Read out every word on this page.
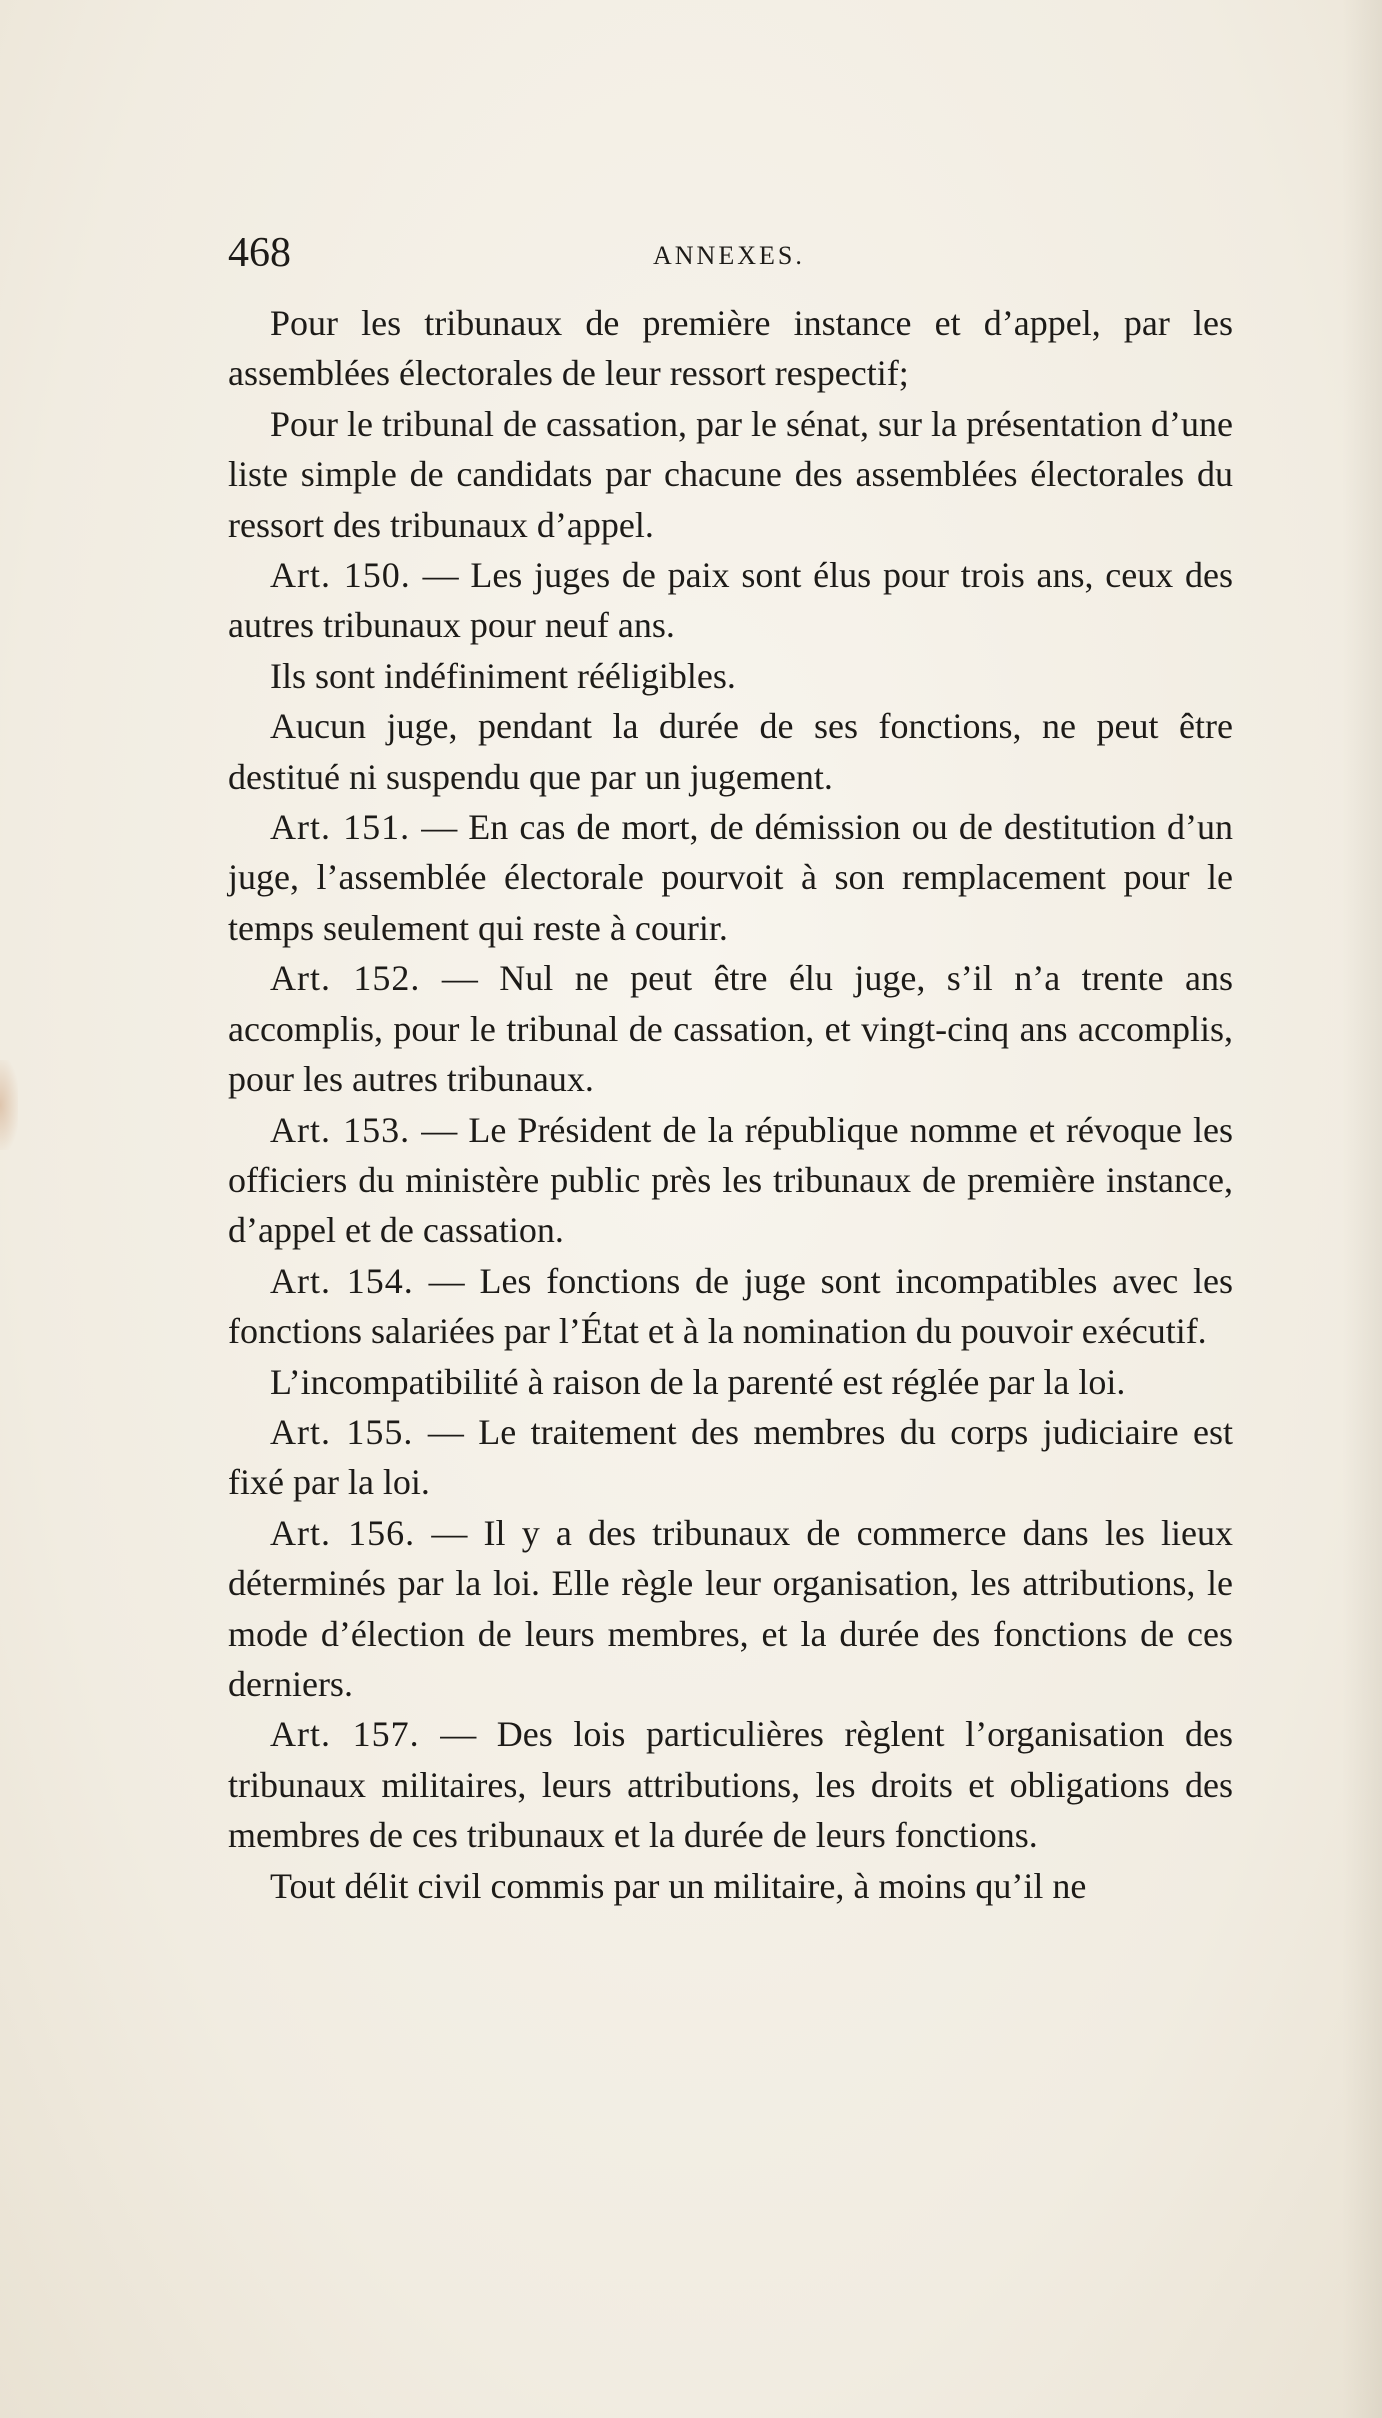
468	ANNEXES.

Pour les tribunaux de première instance et d’appel, par les assemblées électorales de leur ressort respectif;

Pour le tribunal de cassation, par le sénat, sur la présentation d’une liste simple de candidats par chacune des assemblées électorales du ressort des tribunaux d’appel.

Art. 150. — Les juges de paix sont élus pour trois ans, ceux des autres tribunaux pour neuf ans.

Ils sont indéfiniment rééligibles.

Aucun juge, pendant la durée de ses fonctions, ne peut être destitué ni suspendu que par un jugement.

Art. 151. — En cas de mort, de démission ou de destitution d’un juge, l’assemblée électorale pourvoit à son remplacement pour le temps seulement qui reste à courir.

Art. 152. — Nul ne peut être élu juge, s’il n’a trente ans accomplis, pour le tribunal de cassation, et vingt-cinq ans accomplis, pour les autres tribunaux.

Art. 153. — Le Président de la république nomme et révoque les officiers du ministère public près les tribunaux de première instance, d’appel et de cassation.

Art. 154. — Les fonctions de juge sont incompatibles avec les fonctions salariées par l’État et à la nomination du pouvoir exécutif.

L’incompatibilité à raison de la parenté est réglée par la loi.

Art. 155. — Le traitement des membres du corps judiciaire est fixé par la loi.

Art. 156. — Il y a des tribunaux de commerce dans les lieux déterminés par la loi. Elle règle leur organisation, les attributions, le mode d’élection de leurs membres, et la durée des fonctions de ces derniers.

Art. 157. — Des lois particulières règlent l’organisation des tribunaux militaires, leurs attributions, les droits et obligations des membres de ces tribunaux et la durée de leurs fonctions.

Tout délit civil commis par un militaire, à moins qu’il ne
